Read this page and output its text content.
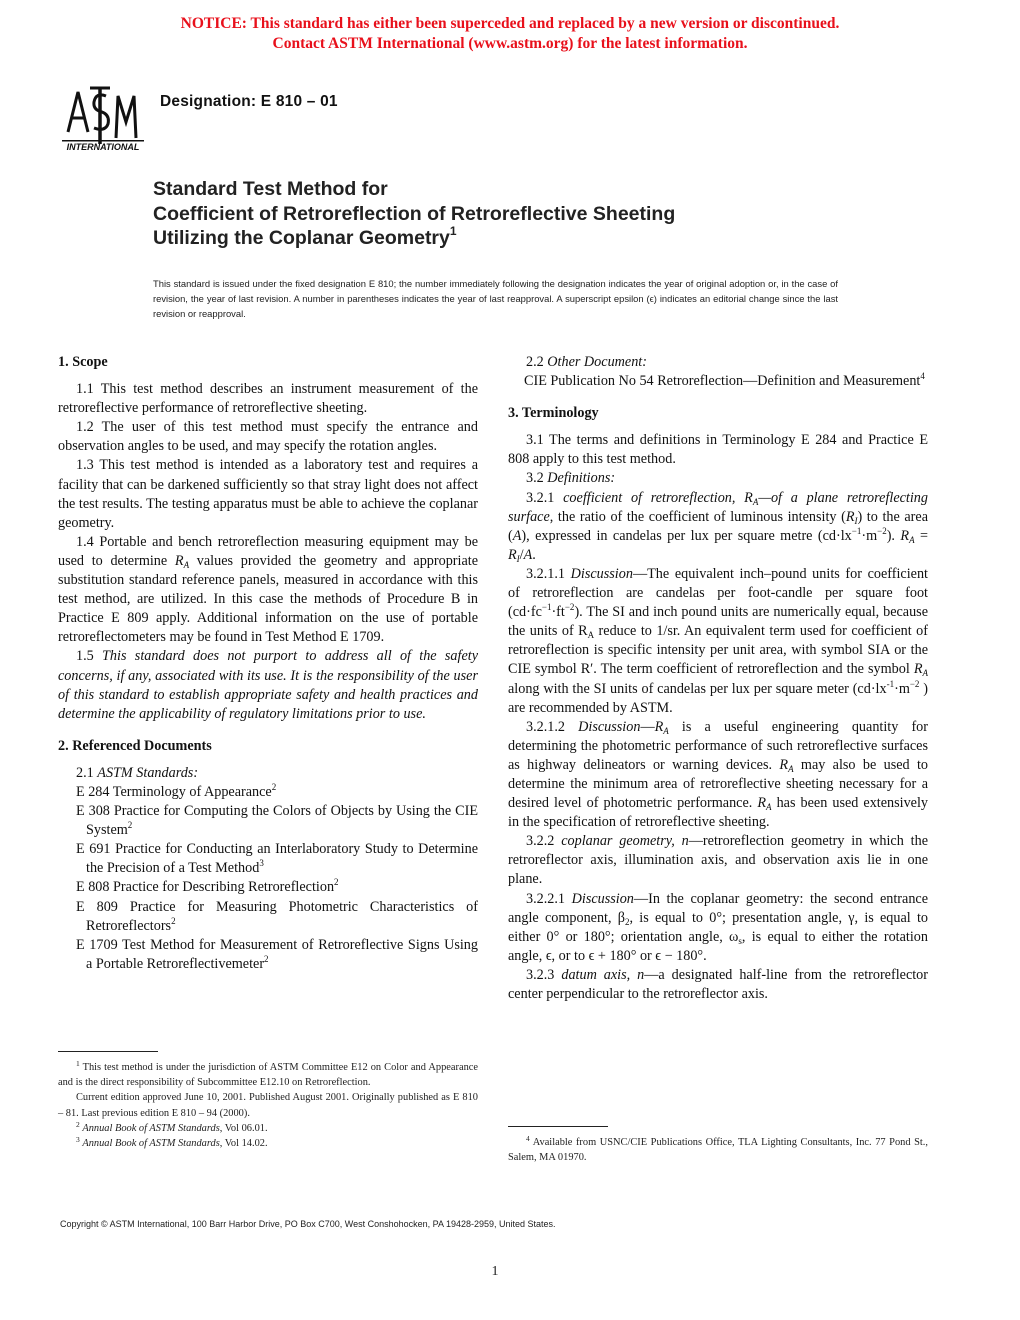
NOTICE: This standard has either been superceded and replaced by a new version or discontinued.
Contact ASTM International (www.astm.org) for the latest information.
INTERNATIONAL
Designation: E 810 – 01
Standard Test Method for
Coefficient of Retroreflection of Retroreflective Sheeting
Utilizing the Coplanar Geometry$^1$
This standard is issued under the fixed designation E 810; the number immediately following the designation indicates the year of original adoption or, in the case of revision, the year of last revision. A number in parentheses indicates the year of last reapproval. A superscript epsilon (ϵ) indicates an editorial change since the last revision or reapproval.
1. Scope

1.1 This test method describes an instrument measurement of the retroreflective performance of retroreflective sheeting.

1.2 The user of this test method must specify the entrance and observation angles to be used, and may specify the rotation angles.

1.3 This test method is intended as a laboratory test and requires a facility that can be darkened sufficiently so that stray light does not affect the test results. The testing apparatus must be able to achieve the coplanar geometry.

1.4 Portable and bench retroreflection measuring equipment may be used to determine $R_A$ values provided the geometry and appropriate substitution standard reference panels, measured in accordance with this test method, are utilized. In this case the methods of Procedure B in Practice E 809 apply. Additional information on the use of portable retroreflectometers may be found in Test Method E 1709.

1.5 This standard does not purport to address all of the safety concerns, if any, associated with its use. It is the responsibility of the user of this standard to establish appropriate safety and health practices and determine the applicability of regulatory limitations prior to use.

2. Referenced Documents

2.1 ASTM Standards:

E 284 Terminology of Appearance$^2$

E 308 Practice for Computing the Colors of Objects by Using the CIE System$^2$

E 691 Practice for Conducting an Interlaboratory Study to Determine the Precision of a Test Method$^3$

E 808 Practice for Describing Retroreflection$^2$

E 809 Practice for Measuring Photometric Characteristics of Retroreflectors$^2$

E 1709 Test Method for Measurement of Retroreflective Signs Using a Portable Retroreflectivemeter$^2$

2.2 Other Document:

CIE Publication No 54 Retroreflection—Definition and Measurement$^4$

3. Terminology

3.1 The terms and definitions in Terminology E 284 and Practice E 808 apply to this test method.

3.2 Definitions:

3.2.1 coefficient of retroreflection, $R_A—of$ a plane retroreflecting surface, the ratio of the coefficient of luminous intensity $(R_I)$ to the area (A), expressed in candelas per lux per square metre $(cd\cdot lx^{-1}\cdot m^{-2})$. $R_A = R_I/A$.

3.2.1.1 Discussion—The equivalent inch–pound units for coefficient of retroreflection are candelas per foot-candle per square foot $(cd\cdot fc^{-1}\cdot ft^{-2})$. The SI and inch pound units are numerically equal, because the units of $R_A$ reduce to 1/sr. An equivalent term used for coefficient of retroreflection is specific intensity per unit area, with symbol SIA or the CIE symbol R′. The term coefficient of retroreflection and the symbol $R_A$ along with the SI units of candelas per lux per square meter ($cd\cdot lx^{-1}\cdot m^{-2}$ ) are recommended by ASTM.

3.2.1.2 $Discussion—R_A$ is a useful engineering quantity for determining the photometric performance of such retroreflective surfaces as highway delineators or warning devices. $R_A$ may also be used to determine the minimum area of retroreflective sheeting necessary for a desired level of photometric performance. $R_A$ has been used extensively in the specification of retroreflective sheeting.

3.2.2 coplanar geometry, n—retroreflection geometry in which the retroreflector axis, illumination axis, and observation axis lie in one plane.

3.2.2.1 Discussion—In the coplanar geometry: the second entrance angle component, $\beta_2$, is equal to 0°; presentation angle, γ, is equal to either 0° or 180°; orientation angle, $\omega_s$, is equal to either the rotation angle, ϵ, or to ϵ + 180° or ϵ − 180°.

3.2.3 datum axis, n—a designated half-line from the retroreflector center perpendicular to the retroreflector axis.

$^1$ This test method is under the jurisdiction of ASTM Committee E12 on Color and Appearance and is the direct responsibility of Subcommittee E12.10 on Retroreflection.

Current edition approved June 10, 2001. Published August 2001. Originally published as E 810 – 81. Last previous edition E 810 – 94 (2000).

$^2$ Annual Book of ASTM Standards, Vol 06.01.

$^3$ Annual Book of ASTM Standards, Vol 14.02.	$^4$ Available from USNC/CIE Publications Office, TLA Lighting Consultants, Inc. 77 Pond St., Salem, MA 01970.

Copyright © ASTM International, 100 Barr Harbor Drive, PO Box C700, West Conshohocken, PA 19428-2959, United States.
1
